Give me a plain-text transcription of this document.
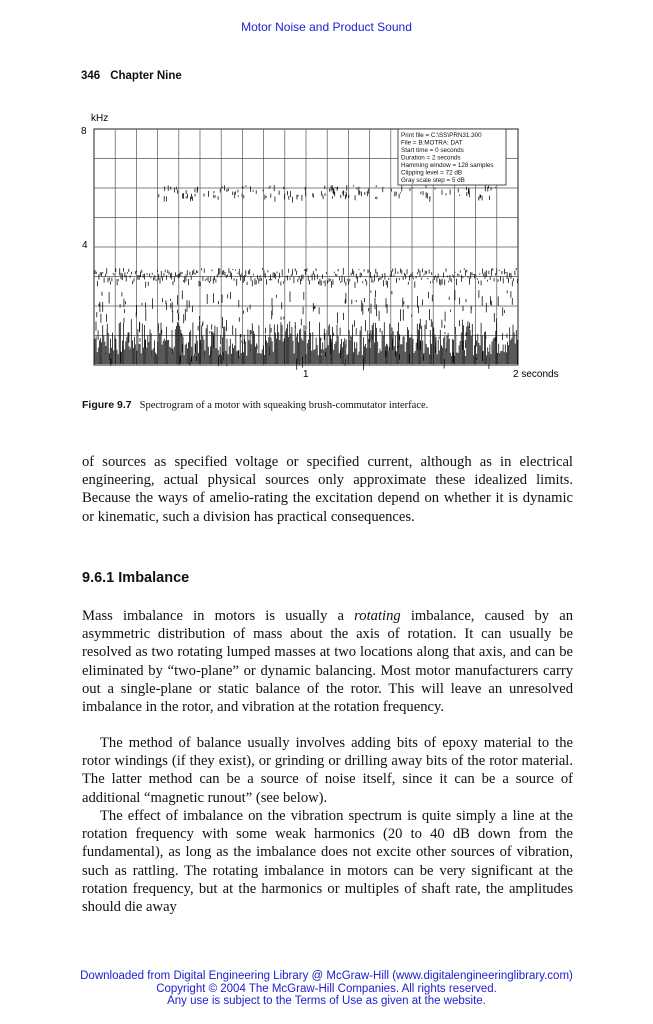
Motor Noise and Product Sound
346 Chapter Nine
kHz
8
4
1	2 seconds
Print file = C:\SS\PRN31.300
File = B:MOTRA: DAT
Start time = 0 seconds
Duration = 2 seconds
Hamming window = 128 samples
Clipping level = 72 dB
Gray scale step = 5 dB
Figure 9.7 Spectrogram of a motor with squeaking brush-commutator interface.

of sources as specified voltage or specified current, although as in electrical engineering, actual physical sources only approximate these idealized limits. Because the ways of amelio-rating the excitation depend on whether it is dynamic or kinematic, such a division has practical consequences.

9.6.1 Imbalance

Mass imbalance in motors is usually a rotating imbalance, caused by an asymmetric distribution of mass about the axis of rotation. It can usually be resolved as two rotating lumped masses at two locations along that axis, and can be eliminated by “two-plane” or dynamic balancing. Most motor manufacturers carry out a single-plane or static balance of the rotor. This will leave an unresolved imbalance in the rotor, and vibration at the rotation frequency.

The method of balance usually involves adding bits of epoxy material to the rotor windings (if they exist), or grinding or drilling away bits of the rotor material. The latter method can be a source of noise itself, since it can be a source of additional “magnetic runout” (see below).

The effect of imbalance on the vibration spectrum is quite simply a line at the rotation frequency with some weak harmonics (20 to 40 dB down from the fundamental), as long as the imbalance does not excite other sources of vibration, such as rattling. The rotating imbalance in motors can be very significant at the rotation frequency, but at the harmonics or multiples of shaft rate, the amplitudes should die away

Downloaded from Digital Engineering Library @ McGraw-Hill (www.digitalengineeringlibrary.com)
Copyright © 2004 The McGraw-Hill Companies. All rights reserved.
Any use is subject to the Terms of Use as given at the website.
